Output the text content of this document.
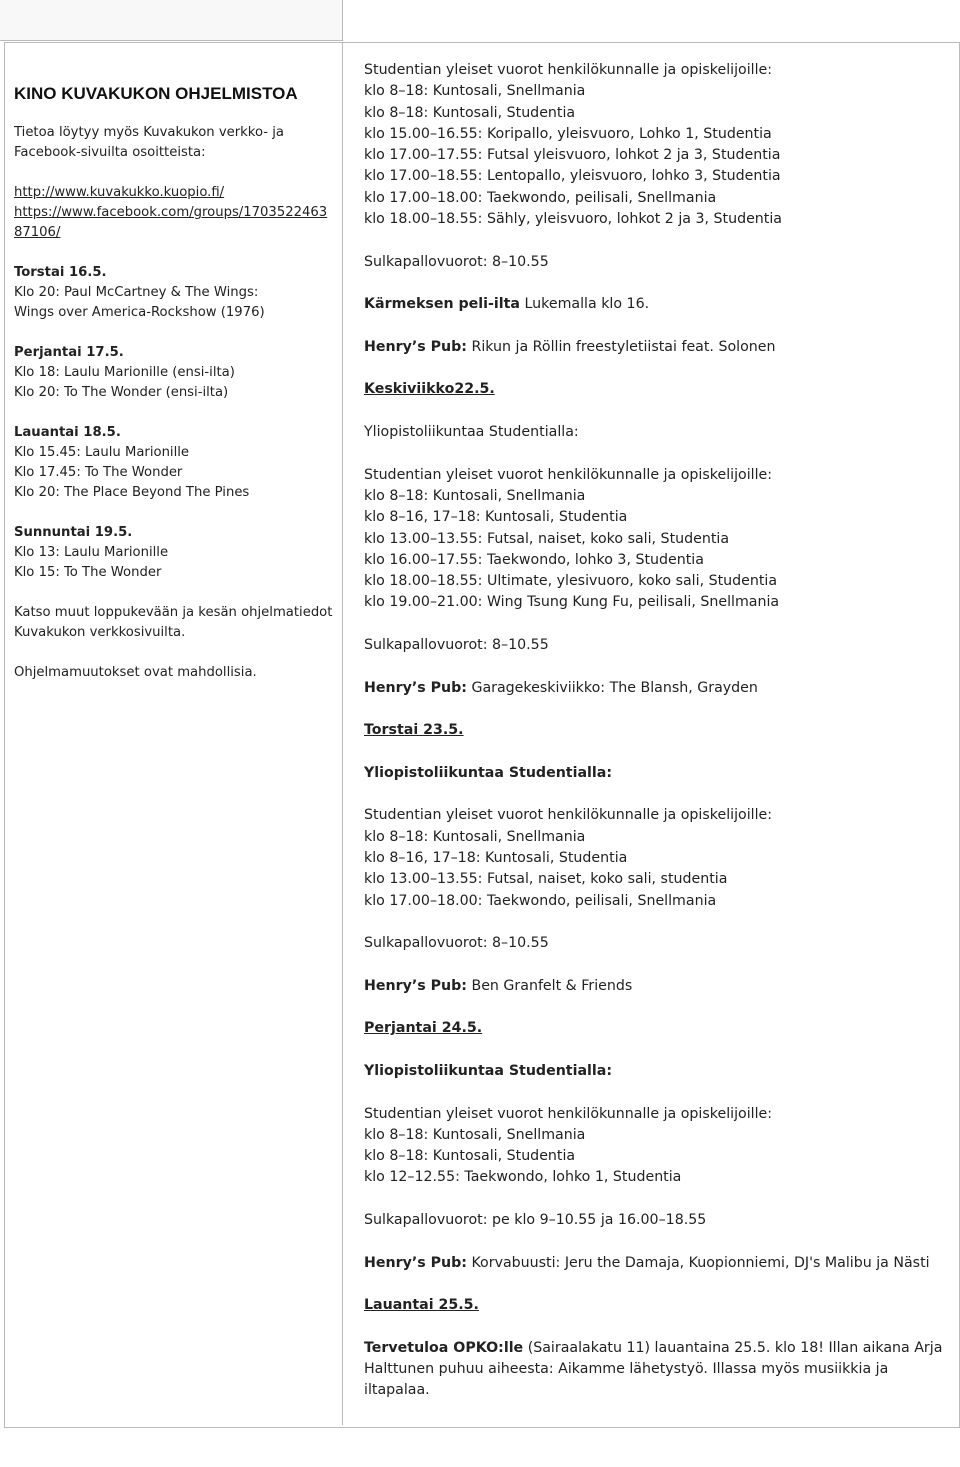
KINO KUVAKUKON OHJELMISTOA
Tietoa löytyy myös Kuvakukon verkko- ja
Facebook-sivuilta osoitteista:
http://www.kuvakukko.kuopio.fi/
https://www.facebook.com/groups/1703522463
87106/
Torstai 16.5.
Klo 20: Paul McCartney & The Wings:
Wings over America-Rockshow (1976)
Perjantai 17.5.
Klo 18: Laulu Marionille (ensi-ilta)
Klo 20: To The Wonder (ensi-ilta)
Lauantai 18.5.
Klo 15.45: Laulu Marionille
Klo 17.45: To The Wonder
Klo 20: The Place Beyond The Pines
Sunnuntai 19.5.
Klo 13: Laulu Marionille
Klo 15: To The Wonder
Katso muut loppukevään ja kesän ohjelmatiedot
Kuvakukon verkkosivuilta.
Ohjelmamuutokset ovat mahdollisia.
Studentian yleiset vuorot henkilökunnalle ja opiskelijoille:
klo 8–18: Kuntosali, Snellmania
klo 8–18: Kuntosali, Studentia
klo 15.00–16.55: Koripallo, yleisvuoro, Lohko 1, Studentia
klo 17.00–17.55: Futsal yleisvuoro, lohkot 2 ja 3, Studentia
klo 17.00–18.55: Lentopallo, yleisvuoro, lohko 3, Studentia
klo 17.00–18.00: Taekwondo, peilisali, Snellmania
klo 18.00–18.55: Sähly, yleisvuoro, lohkot 2 ja 3, Studentia
Sulkapallovuorot: 8–10.55
Kärmeksen peli-ilta Lukemalla klo 16.
Henry’s Pub: Rikun ja Röllin freestyletiistai feat. Solonen
Keskiviikko22.5.
Yliopistoliikuntaa Studentialla:
Studentian yleiset vuorot henkilökunnalle ja opiskelijoille:
klo 8–18: Kuntosali, Snellmania
klo 8–16, 17–18: Kuntosali, Studentia
klo 13.00–13.55: Futsal, naiset, koko sali, Studentia
klo 16.00–17.55: Taekwondo, lohko 3, Studentia
klo 18.00–18.55: Ultimate, ylesivuoro, koko sali, Studentia
klo 19.00–21.00: Wing Tsung Kung Fu, peilisali, Snellmania
Sulkapallovuorot: 8–10.55
Henry’s Pub: Garagekeskiviikko: The Blansh, Grayden
Torstai 23.5.
Yliopistoliikuntaa Studentialla:
Studentian yleiset vuorot henkilökunnalle ja opiskelijoille:
klo 8–18: Kuntosali, Snellmania
klo 8–16, 17–18: Kuntosali, Studentia
klo 13.00–13.55: Futsal, naiset, koko sali, studentia
klo 17.00–18.00: Taekwondo, peilisali, Snellmania
Sulkapallovuorot: 8–10.55
Henry’s Pub: Ben Granfelt & Friends
Perjantai 24.5.
Yliopistoliikuntaa Studentialla:
Studentian yleiset vuorot henkilökunnalle ja opiskelijoille:
klo 8–18: Kuntosali, Snellmania
klo 8–18: Kuntosali, Studentia
klo 12–12.55: Taekwondo, lohko 1, Studentia
Sulkapallovuorot: pe klo 9–10.55 ja 16.00–18.55
Henry’s Pub: Korvabuusti: Jeru the Damaja, Kuopionniemi, DJ's Malibu ja Nästi
Lauantai 25.5.
Tervetuloa OPKO:lle (Sairaalakatu 11) lauantaina 25.5. klo 18! Illan aikana Arja
Halttunen puhuu aiheesta: Aikamme lähetystyö. Illassa myös musiikkia ja
iltapalaa.
